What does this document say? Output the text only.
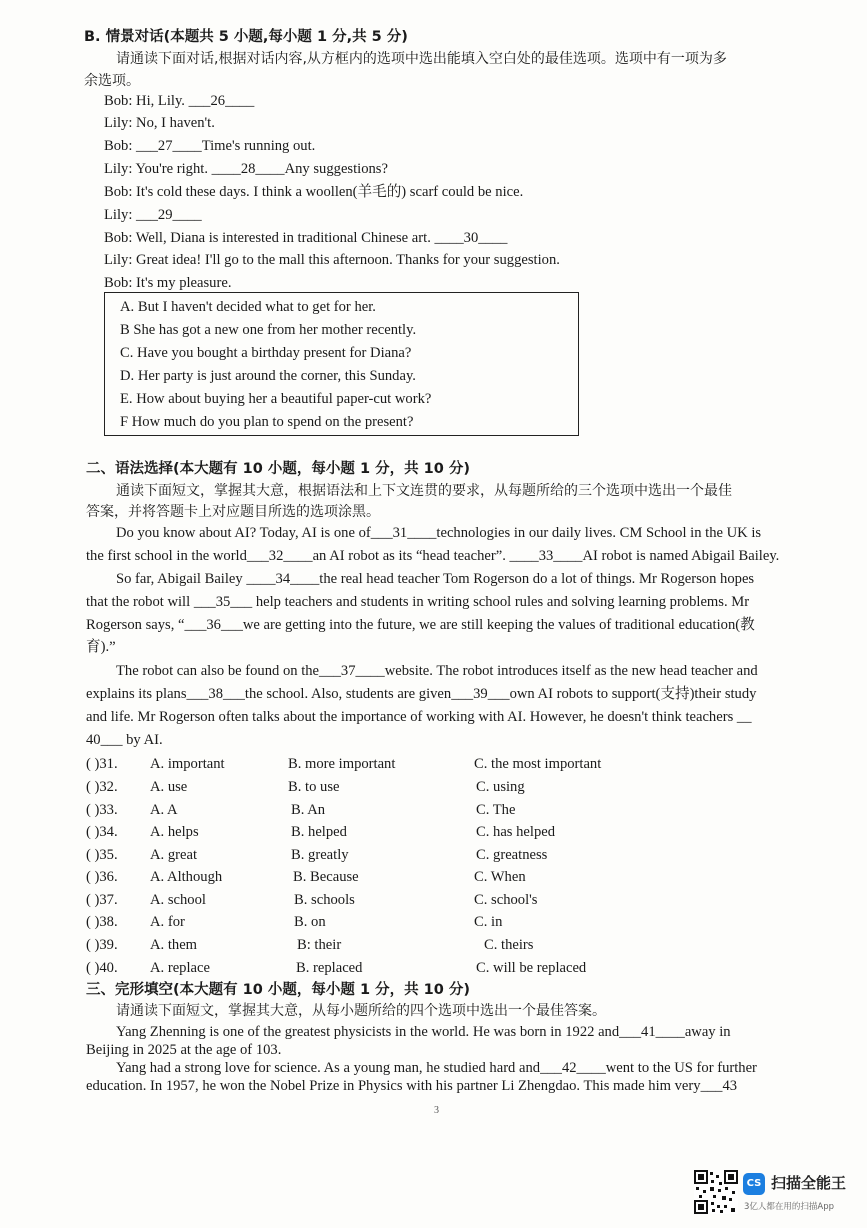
B. 情景对话(本题共 5 小题,每小题 1 分,共 5 分)
请通读下面对话,根据对话内容,从方框内的选项中选出能填入空白处的最佳选项。选项中有一项为多
余选项。
Bob: Hi, Lily. ___26____
Lily: No, I haven't.
Bob: ___27____Time's running out.
Lily: You're right. ____28____Any suggestions?
Bob: It's cold these days. I think a woollen(羊毛的) scarf could be nice.
Lily: ___29____
Bob: Well, Diana is interested in traditional Chinese art. ____30____
Lily: Great idea! I'll go to the mall this afternoon. Thanks for your suggestion.
Bob: It's my pleasure.
A. But I haven't decided what to get for her.
B She has got a new one from her mother recently.
C. Have you bought a birthday present for Diana?
D. Her party is just around the corner, this Sunday.
E. How about buying her a beautiful paper-cut work?
F How much do you plan to spend on the present?
二、语法选择(本大题有 10 小题，每小题 1 分，共 10 分)
通读下面短文，掌握其大意，根据语法和上下文连贯的要求，从每题所给的三个选项中选出一个最佳
答案，并将答题卡上对应题目所选的选项涂黑。
Do you know about AI? Today, AI is one of___31____technologies in our daily lives. CM School in the UK is
the first school in the world___32____an AI robot as its “head teacher”. ____33____AI robot is named Abigail Bailey.
So far, Abigail Bailey ____34____the real head teacher Tom Rogerson do a lot of things. Mr Rogerson hopes
that the robot will ___35___ help teachers and students in writing school rules and solving learning problems. Mr
Rogerson says, “___36___we are getting into the future, we are still keeping the values of traditional education(教
育).”
The robot can also be found on the___37____website. The robot introduces itself as the new head teacher and
explains its plans___38___the school. Also, students are given___39___own AI robots to support(支持)their study
and life. Mr Rogerson often talks about the importance of working with AI. However, he doesn't think teachers __
40___ by AI.
( )31. A. important	B. more important	C. the most important
( )32. A. use	B. to use	C. using
( )33. A. A	B. An	C. The
( )34. A. helps	B. helped	C. has helped
( )35. A. great	B. greatly	C. greatness
( )36. A. Although	B. Because	C. When
( )37. A. school	B. schools	C. school's
( )38. A. for	B. on	C. in
( )39. A. them	B: their	C. theirs
( )40. A. replace	B. replaced	C. will be replaced
三、完形填空(本大题有 10 小题，每小题 1 分，共 10 分)
请通读下面短文，掌握其大意，从每小题所给的四个选项中选出一个最佳答案。
Yang Zhenning is one of the greatest physicists in the world. He was born in 1922 and___41____away in
Beijing in 2025 at the age of 103.
Yang had a strong love for science. As a young man, he studied hard and___42____went to the US for further
education. In 1957, he won the Nobel Prize in Physics with his partner Li Zhengdao. This made him very___43
3
CS 扫描全能王
3亿人都在用的扫描App
